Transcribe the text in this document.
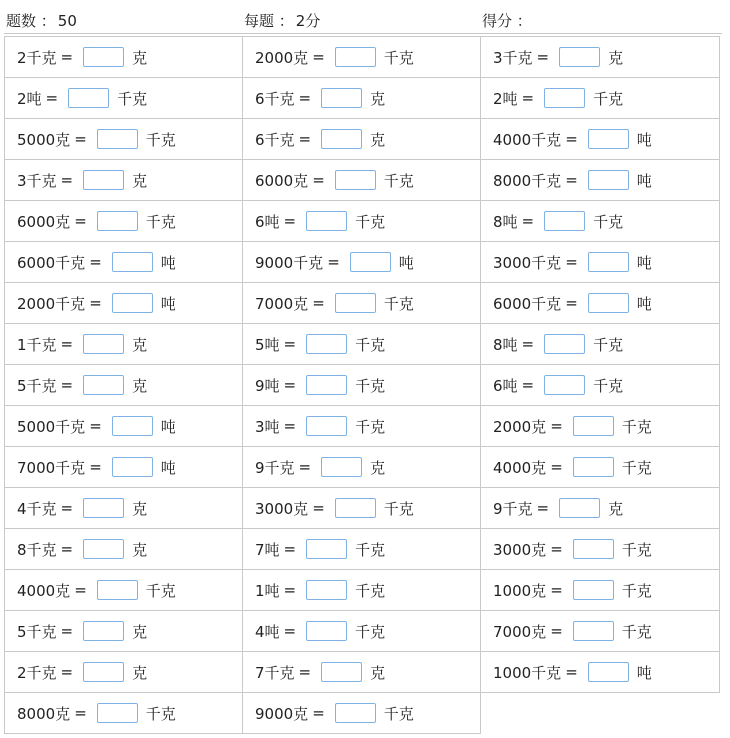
题数 ： 50	每题 ： 2分	得分 ：
2千克 =	克	2000克 =	千克	3千克 =	克
2吨 =	千克	6千克 =	克	2吨 =	千克
5000克 =	千克	6千克 =	克	4000千克 =	吨
3千克 =	克	6000克 =	千克	8000千克 =	吨
6000克 =	千克	6吨 =	千克	8吨 =	千克
6000千克 =	吨	9000千克 =	吨	3000千克 =	吨
2000千克 =	吨	7000克 =	千克	6000千克 =	吨
1千克 =	克	5吨 =	千克	8吨 =	千克
5千克 =	克	9吨 =	千克	6吨 =	千克
5000千克 =	吨	3吨 =	千克	2000克 =	千克
7000千克 =	吨	9千克 =	克	4000克 =	千克
4千克 =	克	3000克 =	千克	9千克 =	克
8千克 =	克	7吨 =	千克	3000克 =	千克
4000克 =	千克	1吨 =	千克	1000克 =	千克
5千克 =	克	4吨 =	千克	7000克 =	千克
2千克 =	克	7千克 =	克	1000千克 =	吨
8000克 =	千克	9000克 =	千克
